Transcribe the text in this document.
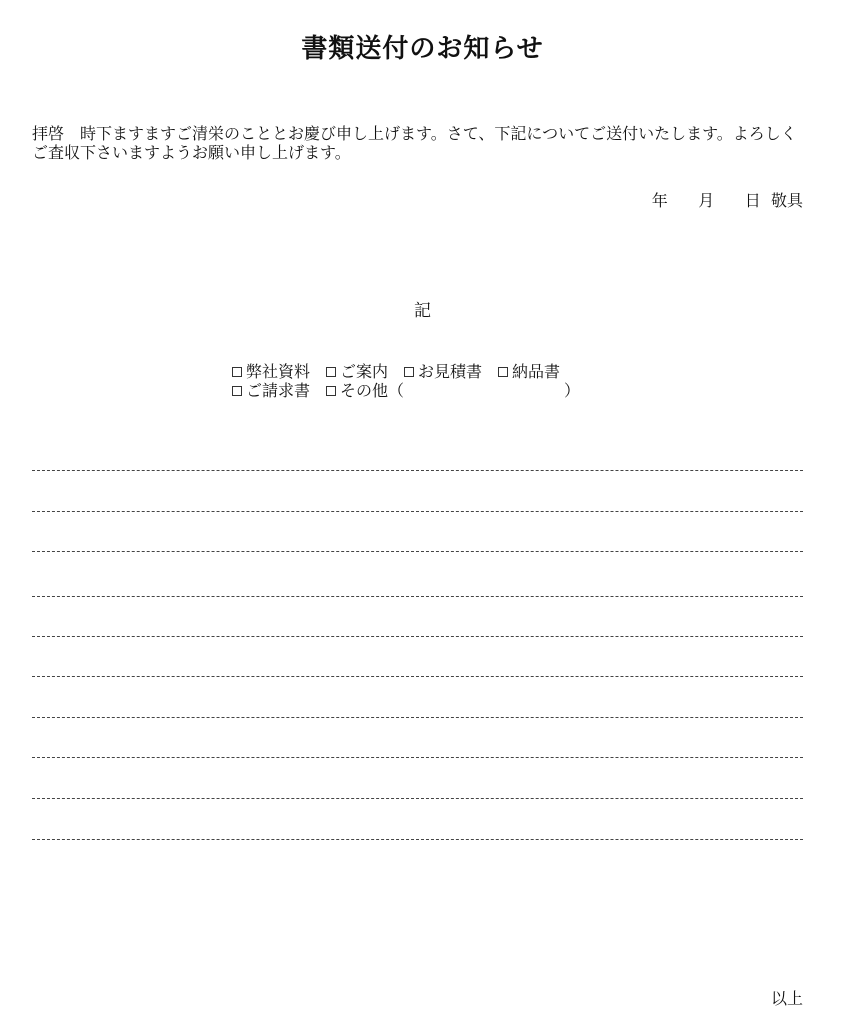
書類送付のお知らせ
拝啓　時下ますますご清栄のこととお慶び申し上げます。さて、下記についてご送付いたします。よろしくご査収下さいますようお願い申し上げます。
年 月 日 敬具
記
弊社資料 ご案内 お見積書 納品書
ご請求書 その他 （	）
以上
